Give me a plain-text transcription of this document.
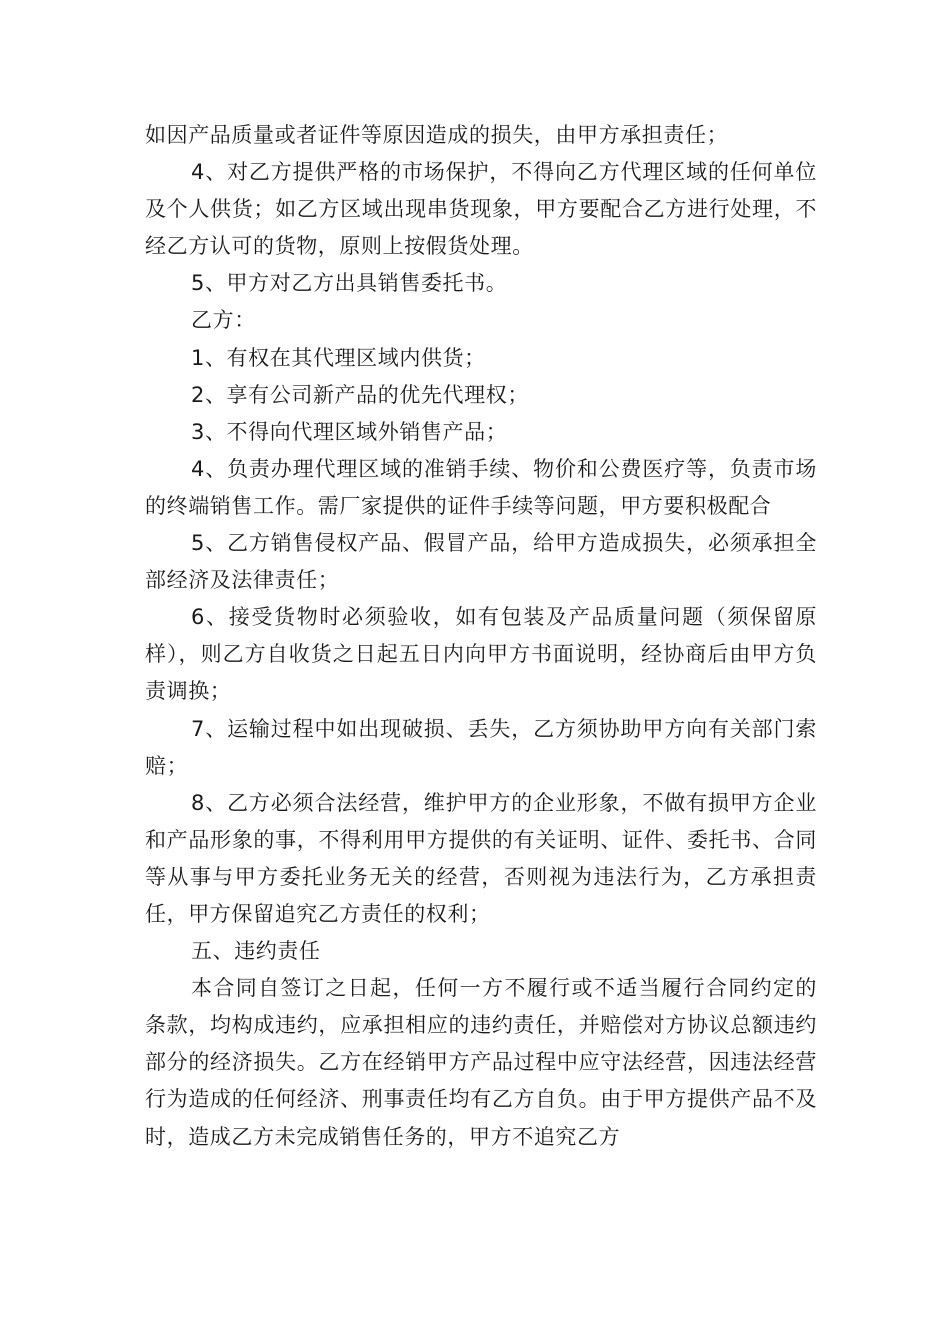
如因产品质量或者证件等原因造成的损失，由甲方承担责任；

4、对乙方提供严格的市场保护，不得向乙方代理区域的任何单位及个人供货；如乙方区域出现串货现象，甲方要配合乙方进行处理，不经乙方认可的货物，原则上按假货处理。

5、甲方对乙方出具销售委托书。

乙方：

1、有权在其代理区域内供货；

2、享有公司新产品的优先代理权；

3、不得向代理区域外销售产品；

4、负责办理代理区域的准销手续、物价和公费医疗等，负责市场的终端销售工作。需厂家提供的证件手续等问题，甲方要积极配合

5、乙方销售侵权产品、假冒产品，给甲方造成损失，必须承担全部经济及法律责任；

6、接受货物时必须验收，如有包装及产品质量问题（须保留原样），则乙方自收货之日起五日内向甲方书面说明，经协商后由甲方负责调换；

7、运输过程中如出现破损、丢失，乙方须协助甲方向有关部门索赔；

8、乙方必须合法经营，维护甲方的企业形象，不做有损甲方企业和产品形象的事，不得利用甲方提供的有关证明、证件、委托书、合同等从事与甲方委托业务无关的经营，否则视为违法行为，乙方承担责任，甲方保留追究乙方责任的权利；

五、违约责任

本合同自签订之日起，任何一方不履行或不适当履行合同约定的条款，均构成违约，应承担相应的违约责任，并赔偿对方协议总额违约部分的经济损失。乙方在经销甲方产品过程中应守法经营，因违法经营行为造成的任何经济、刑事责任均有乙方自负。由于甲方提供产品不及时，造成乙方未完成销售任务的，甲方不追究乙方
